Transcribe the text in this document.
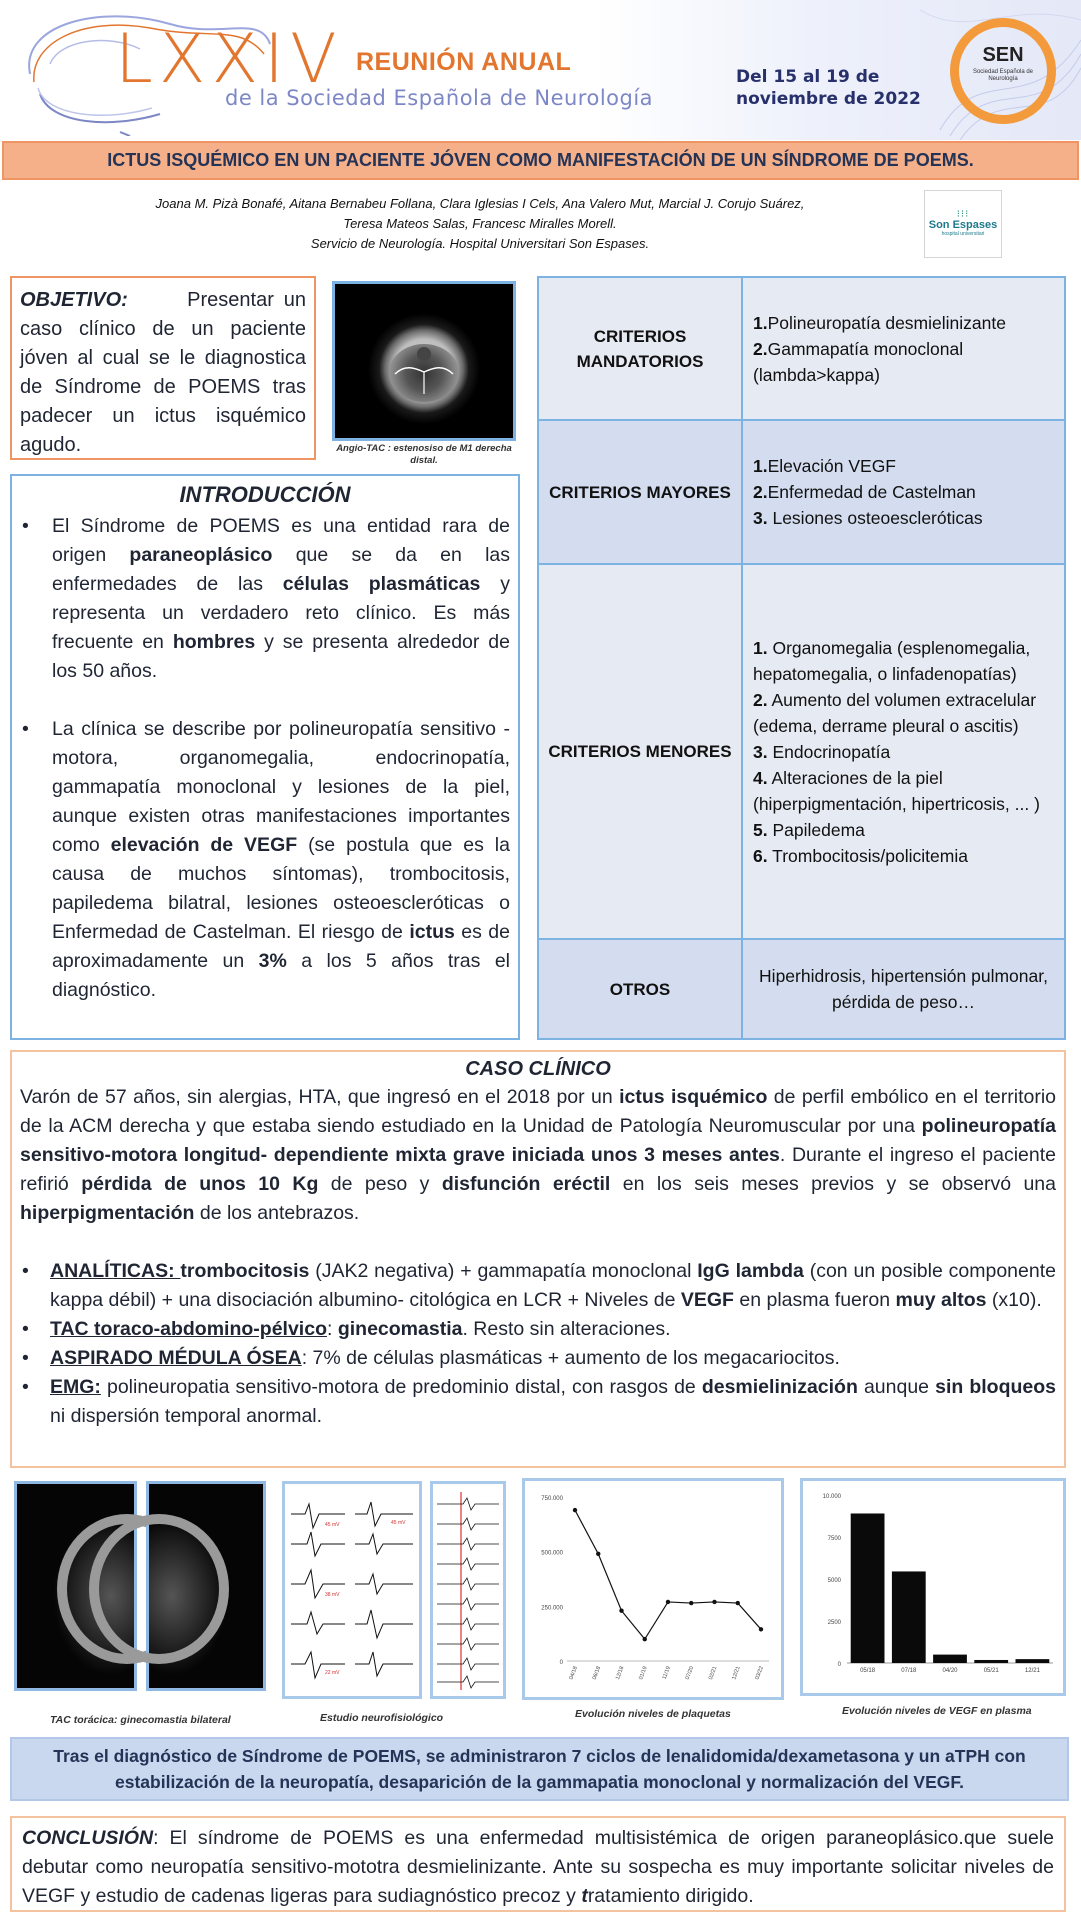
LXXIV REUNIÓN ANUAL
de la Sociedad Española de Neurología
Del 15 al 19 de
noviembre de 2022
SEN
Sociedad Española de Neurología
ICTUS ISQUÉMICO EN UN PACIENTE JÓVEN COMO MANIFESTACIÓN DE UN SÍNDROME DE POEMS.
Joana M. Pizà Bonafé, Aitana Bernabeu Follana, Clara Iglesias I Cels, Ana Valero Mut, Marcial J. Corujo Suárez,
Teresa Mateos Salas, Francesc Miralles Morell.
Servicio de Neurología. Hospital Universitari Son Espases.
⁝⁝⁝
Son Espases
hospital universitari
OBJETIVO:	Presentar un caso clínico de un paciente jóven al cual se le diagnostica de Síndrome de POEMS tras padecer un ictus isquémico agudo.	Angio-TAC : estenosiso de M1 derecha distal.
INTRODUCCIÓN
• El Síndrome de POEMS es una entidad rara de origen paraneoplásico que se da en las enfermedades de las células plasmáticas y representa un verdadero reto clínico. Es más frecuente en hombres y se presenta alrededor de los 50 años.
• La clínica se describe por polineuropatía sensitivo - motora, organomegalia, endocrinopatía, gammapatía monoclonal y lesiones de la piel, aunque existen otras manifestaciones importantes como elevación de VEGF (se postula que es la causa de muchos síntomas), trombocitosis, papiledema bilatral, lesiones osteoescleróticas o Enfermedad de Castelman. El riesgo de ictus es de aproximadamente un 3% a los 5 años tras el diagnóstico.
CRITERIOS MANDATORIOS
1.Polineuropatía desmielinizante
2.Gammapatía monoclonal (lambda>kappa)
CRITERIOS MAYORES
1.Elevación VEGF
2.Enfermedad de Castelman
3. Lesiones osteoescleróticas
CRITERIOS MENORES
1. Organomegalia (esplenomegalia, hepatomegalia, o linfadenopatías)
2. Aumento del volumen extracelular (edema, derrame pleural o ascitis)
3. Endocrinopatía
4. Alteraciones de la piel (hiperpigmentación, hipertricosis, ... )
5. Papiledema
6. Trombocitosis/policitemia
OTROS
Hiperhidrosis, hipertensión pulmonar, pérdida de peso…
CASO CLÍNICO

Varón de 57 años, sin alergias, HTA, que ingresó en el 2018 por un ictus isquémico de perfil embólico en el territorio de la ACM derecha y que estaba siendo estudiado en la Unidad de Patología Neuromuscular por una polineuropatía sensitivo-motora longitud- dependiente mixta grave iniciada unos 3 meses antes. Durante el ingreso el paciente refirió pérdida de unos 10 Kg de peso y disfunción eréctil en los seis meses previos y se observó una hiperpigmentación de los antebrazos.

• ANALÍTICAS: trombocitosis (JAK2 negativa) + gammapatía monoclonal IgG lambda (con un posible componente kappa débil) + una disociación albumino- citológica en LCR + Niveles de VEGF en plasma fueron muy altos (x10).
• TAC toraco-abdomino-pélvico: ginecomastia. Resto sin alteraciones.
• ASPIRADO MÉDULA ÓSEA: 7% de células plasmáticas + aumento de los megacariocitos.
• EMG: polineuropatia sensitivo-motora de predominio distal, con rasgos de desmielinización aunque sin bloqueos ni dispersión temporal anormal.
45 mV	45 mV
38 mV
22 mV
0
250.000
500.000
750.000
04/18 06/18 12/18 01/19 11/19 07/20 02/21 12/21 03/22
0
2500
5000
7500
10.000
05/18	07/18	04/20	05/21	12/21
TAC torácica: ginecomastia bilateral	Estudio neurofisiológico	Evolución niveles de plaquetas	Evolución niveles de VEGF en plasma
Tras el diagnóstico de Síndrome de POEMS, se administraron 7 ciclos de lenalidomida/dexametasona y un aTPH con estabilización de la neuropatía, desaparición de la gammapatia monoclonal y normalización del VEGF.
CONCLUSIÓN: El síndrome de POEMS es una enfermedad multisistémica de origen paraneoplásico.que suele debutar como neuropatía sensitivo-mototra desmielinizante. Ante su sospecha es muy importante solicitar niveles de VEGF y estudio de cadenas ligeras para sudiagnóstico precoz y tratamiento dirigido.
